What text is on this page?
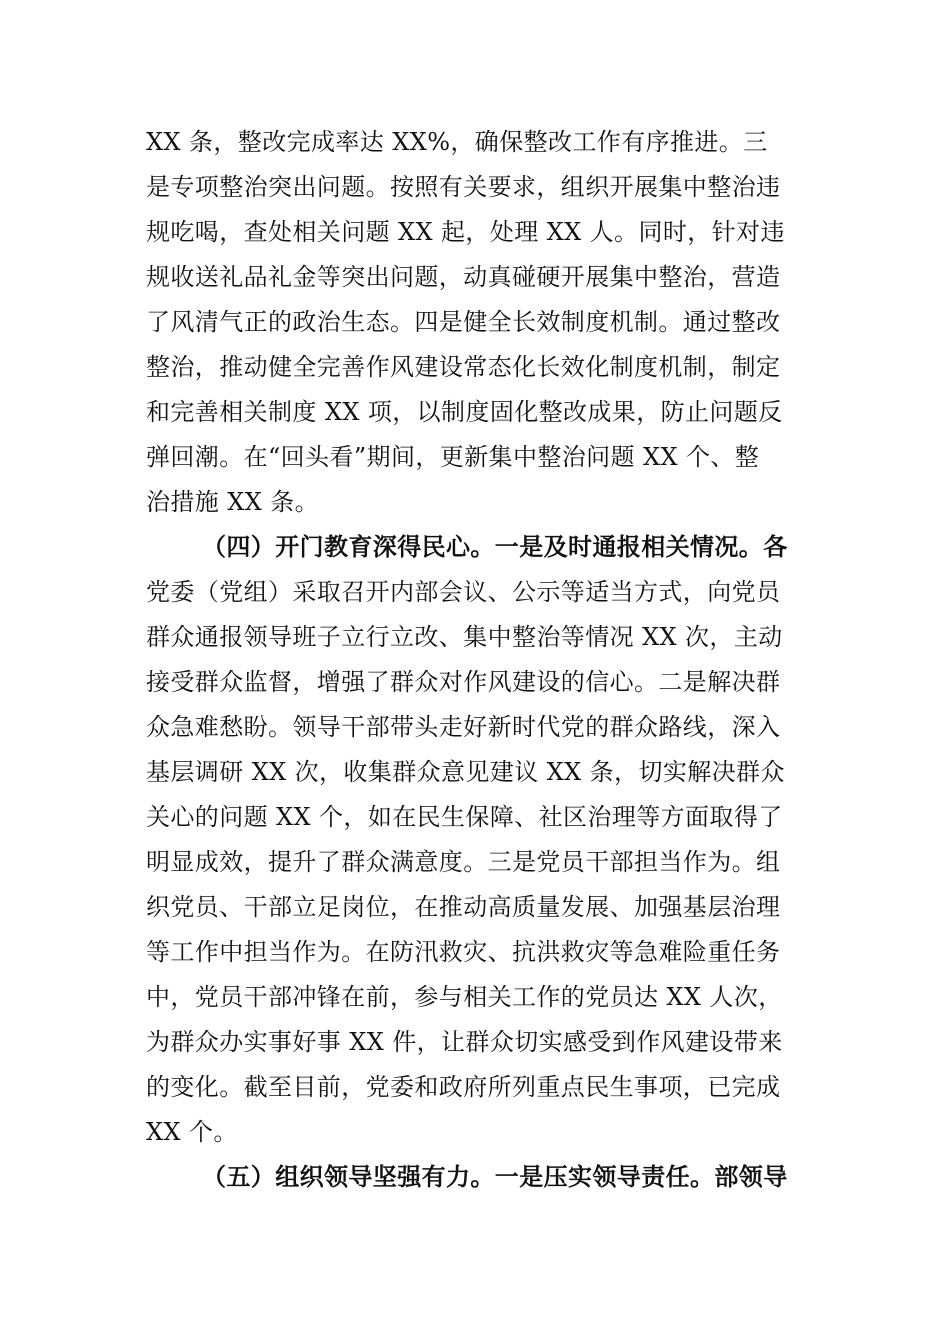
XX 条，整改完成率达 XX%，确保整改工作有序推进。三
是专项整治突出问题。按照有关要求，组织开展集中整治违
规吃喝，查处相关问题 XX 起，处理 XX 人。同时，针对违
规收送礼品礼金等突出问题，动真碰硬开展集中整治，营造
了风清气正的政治生态。四是健全长效制度机制。通过整改
整治，推动健全完善作风建设常态化长效化制度机制，制定
和完善相关制度 XX 项，以制度固化整改成果，防止问题反
弹回潮。在“回头看”期间，更新集中整治问题 XX 个、整
治措施 XX 条。
（四）开门教育深得民心。一是及时通报相关情况。各
党委（党组）采取召开内部会议、公示等适当方式，向党员
群众通报领导班子立行立改、集中整治等情况 XX 次，主动
接受群众监督，增强了群众对作风建设的信心。二是解决群
众急难愁盼。领导干部带头走好新时代党的群众路线，深入
基层调研 XX 次，收集群众意见建议 XX 条，切实解决群众
关心的问题 XX 个，如在民生保障、社区治理等方面取得了
明显成效，提升了群众满意度。三是党员干部担当作为。组
织党员、干部立足岗位，在推动高质量发展、加强基层治理
等工作中担当作为。在防汛救灾、抗洪救灾等急难险重任务
中，党员干部冲锋在前，参与相关工作的党员达 XX 人次，
为群众办实事好事 XX 件，让群众切实感受到作风建设带来
的变化。截至目前，党委和政府所列重点民生事项，已完成
XX 个。
（五）组织领导坚强有力。一是压实领导责任。部领导
